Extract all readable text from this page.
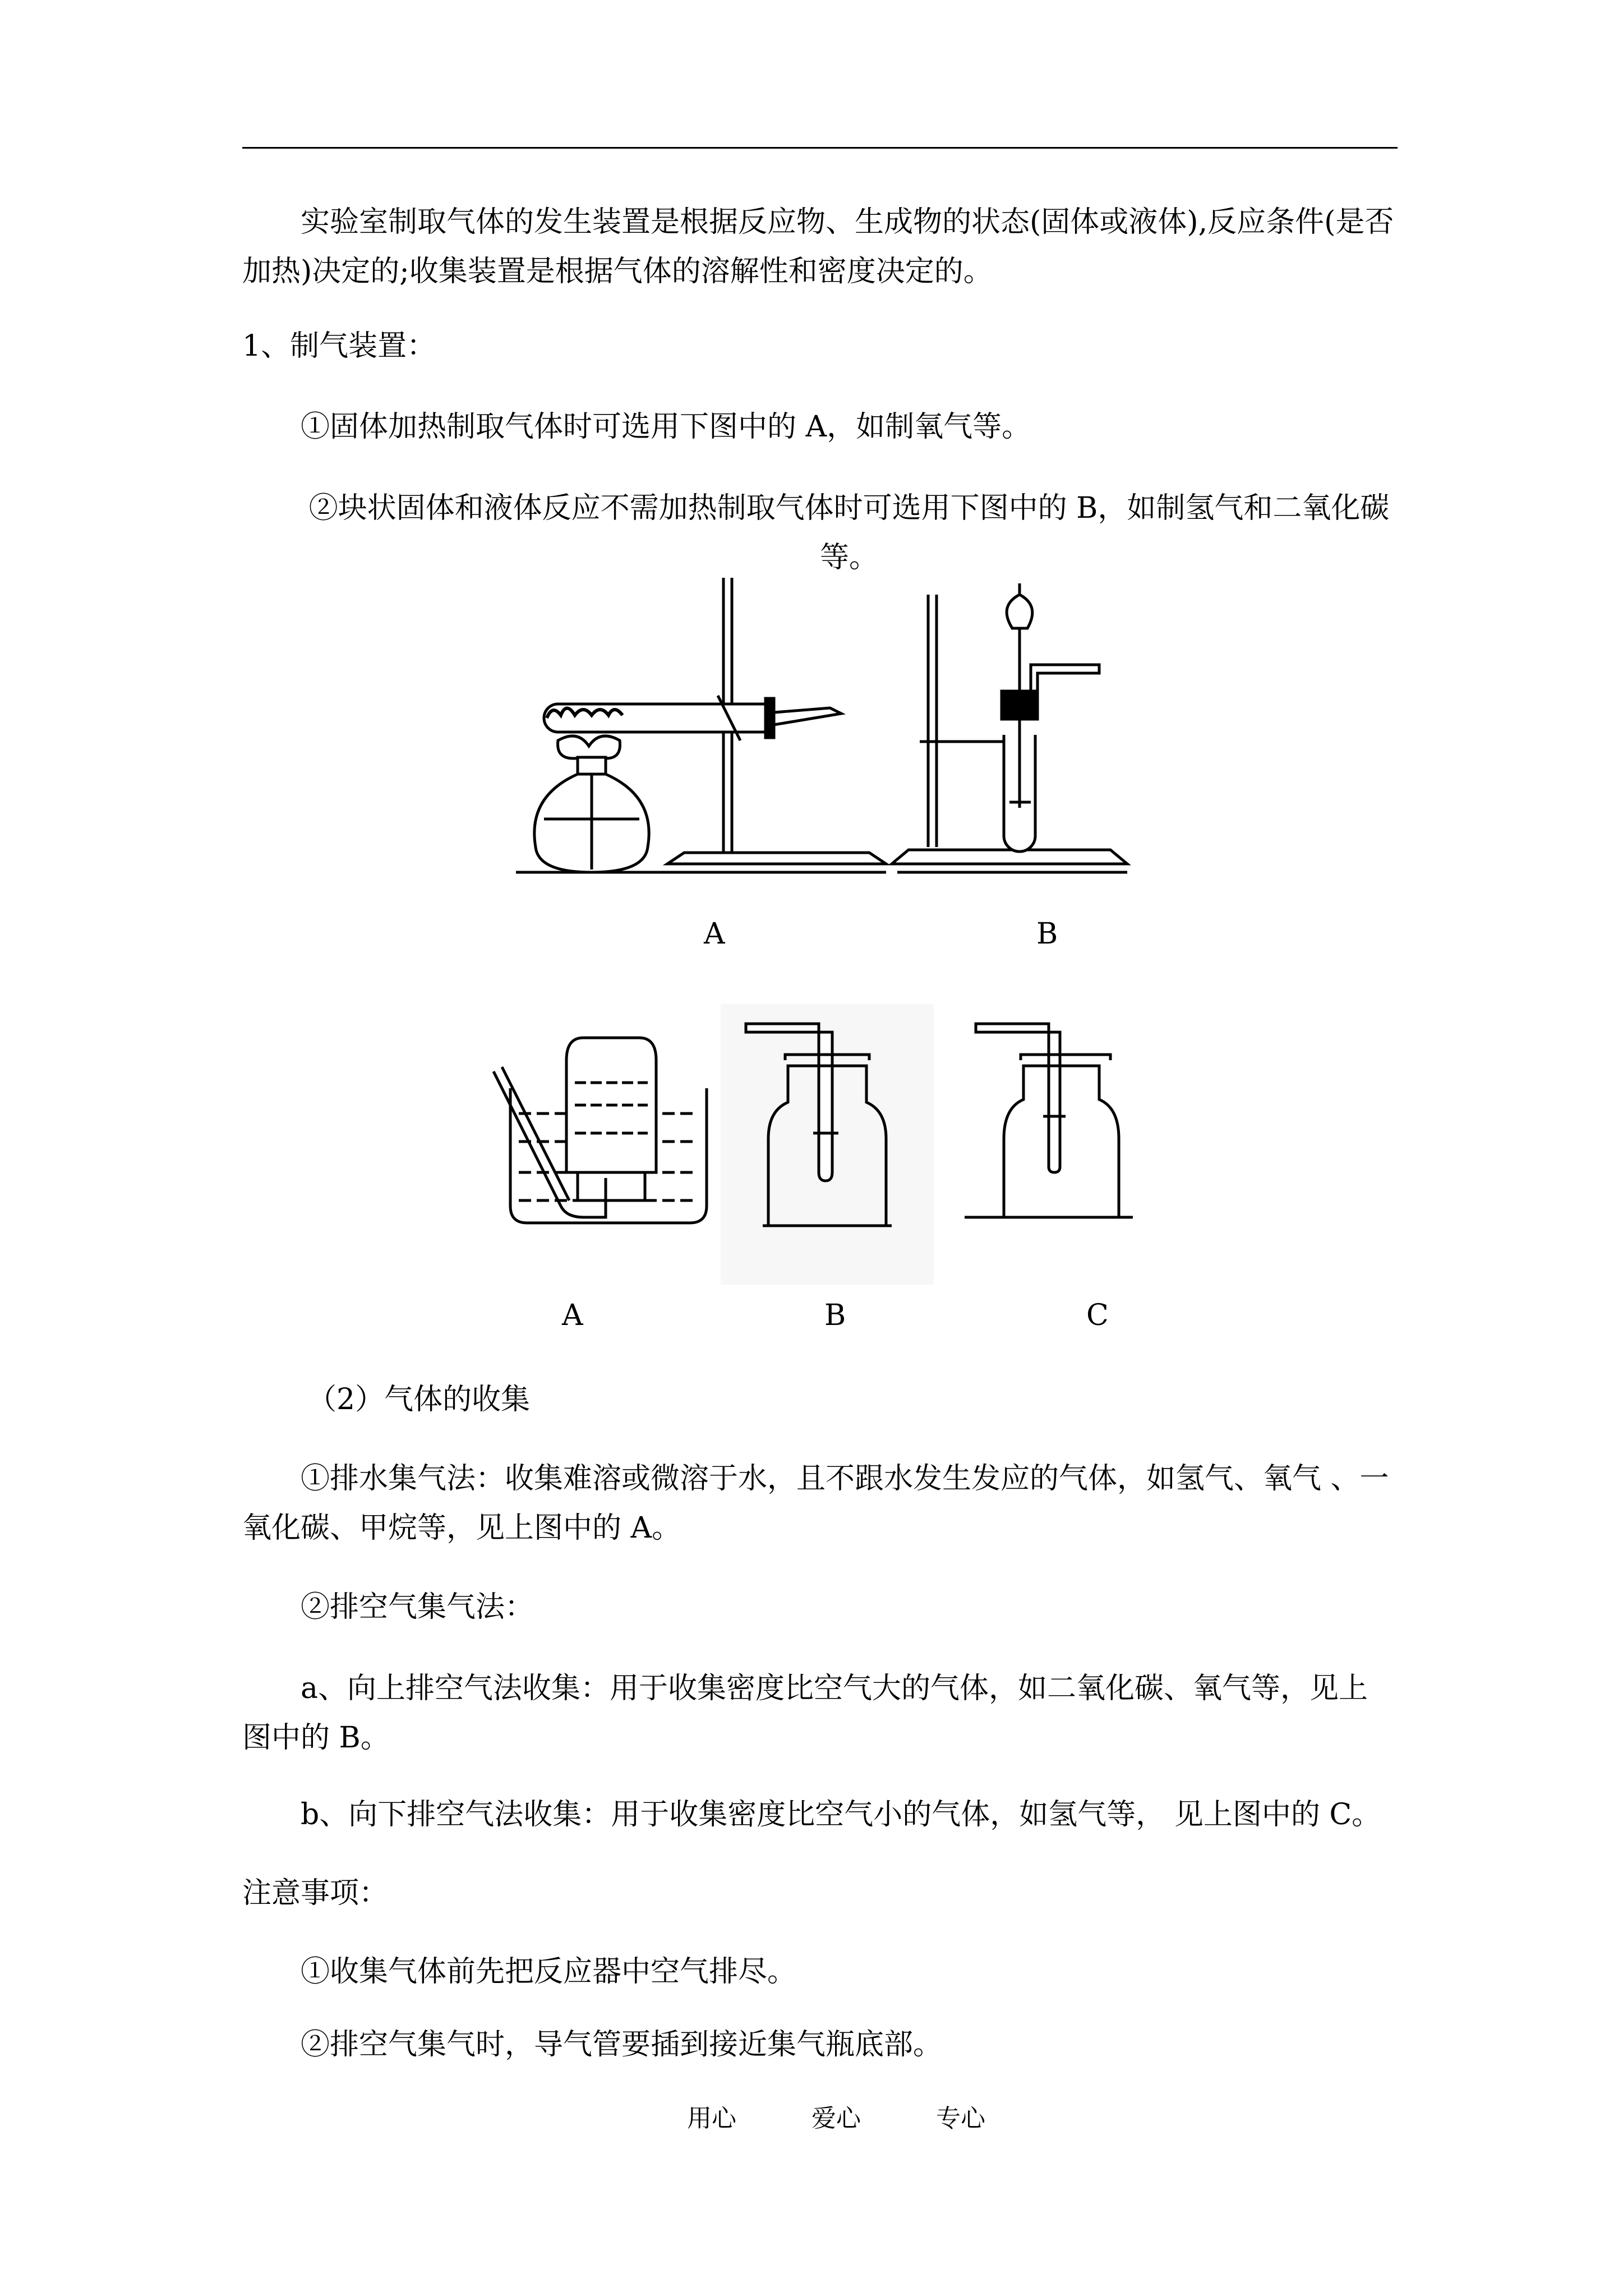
实验室制取气体的发生装置是根据反应物、生成物的状态(固体或液体),反应条件(是否加热)决定的;收集装置是根据气体的溶解性和密度决定的。
1、制气装置：
①固体加热制取气体时可选用下图中的 A，如制氧气等。
②块状固体和液体反应不需加热制取气体时可选用下图中的 B，如制氢气和二氧化碳等。
A	B
A	B	C
（2）气体的收集
①排水集气法：收集难溶或微溶于水，且不跟水发生发应的气体，如氢气、氧气 、一氧化碳、甲烷等，见上图中的 A。
②排空气集气法：
a、向上排空气法收集：用于收集密度比空气大的气体，如二氧化碳、氧气等，见上图中的 B。
b、向下排空气法收集：用于收集密度比空气小的气体，如氢气等， 见上图中的 C。
注意事项：
①收集气体前先把反应器中空气排尽。
②排空气集气时，导气管要插到接近集气瓶底部。
用心	爱心	专心
